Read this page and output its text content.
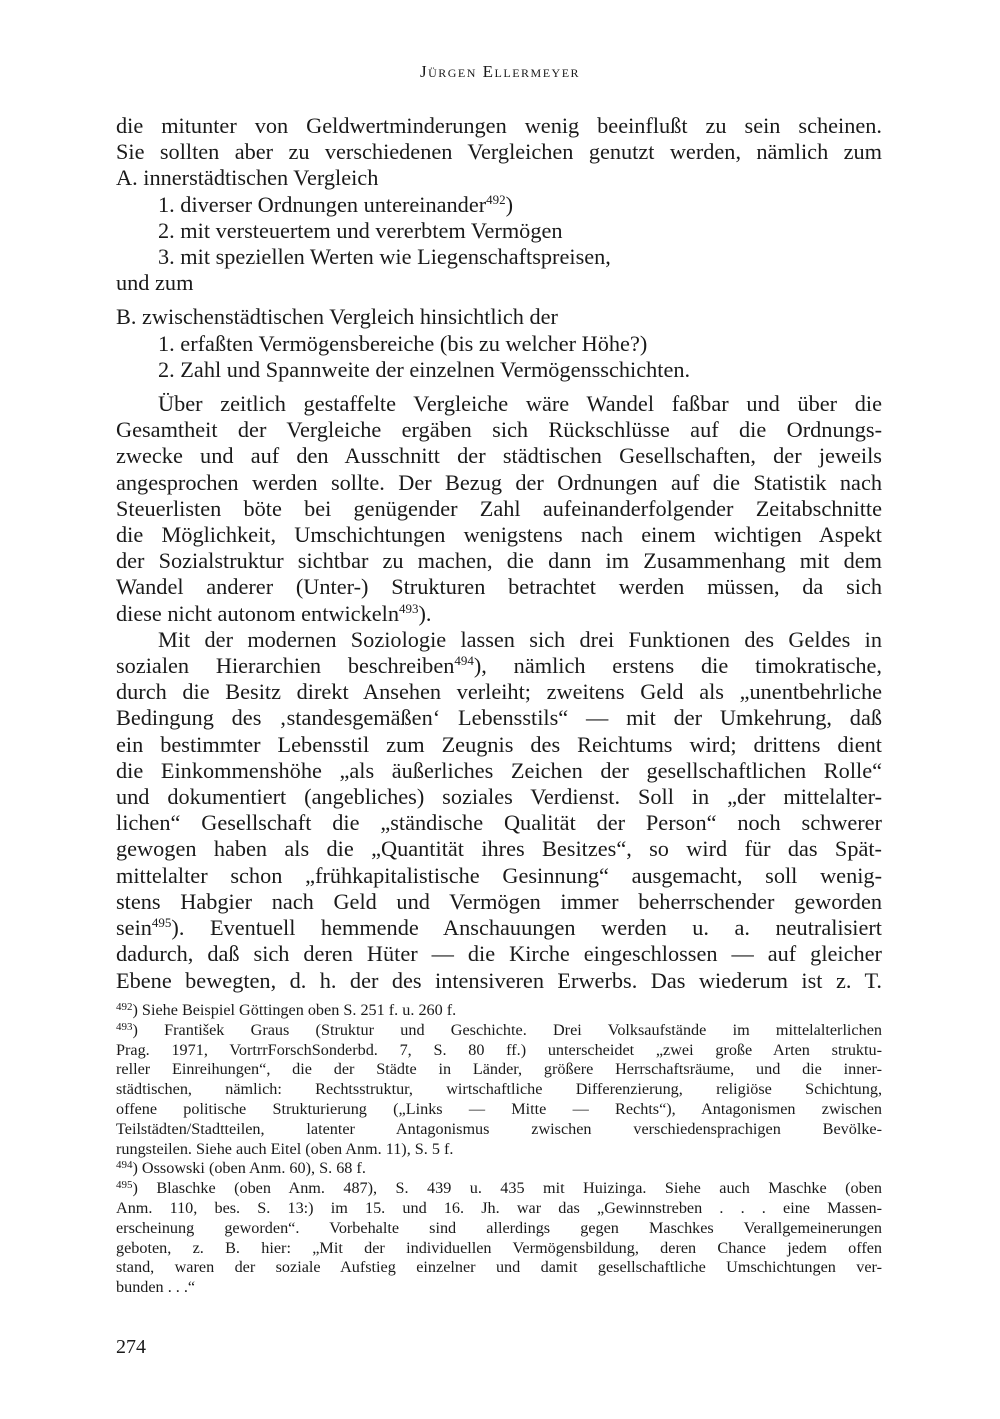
Jürgen Ellermeyer
die mitunter von Geldwertminderungen wenig beeinflußt zu sein scheinen.
Sie sollten aber zu verschiedenen Vergleichen genutzt werden, nämlich zum
A. innerstädtischen Vergleich
1. diverser Ordnungen untereinander$^{492}$)
2. mit versteuertem und vererbtem Vermögen
3. mit speziellen Werten wie Liegenschaftspreisen,
und zum
B. zwischenstädtischen Vergleich hinsichtlich der
1. erfaßten Vermögensbereiche (bis zu welcher Höhe?)
2. Zahl und Spannweite der einzelnen Vermögensschichten.
Über zeitlich gestaffelte Vergleiche wäre Wandel faßbar und über die
Gesamtheit der Vergleiche ergäben sich Rückschlüsse auf die Ordnungs-
zwecke und auf den Ausschnitt der städtischen Gesellschaften, der jeweils
angesprochen werden sollte. Der Bezug der Ordnungen auf die Statistik nach
Steuerlisten böte bei genügender Zahl aufeinanderfolgender Zeitabschnitte
die Möglichkeit, Umschichtungen wenigstens nach einem wichtigen Aspekt
der Sozialstruktur sichtbar zu machen, die dann im Zusammenhang mit dem
Wandel anderer (Unter-) Strukturen betrachtet werden müssen, da sich
diese nicht autonom entwickeln$^{493}$).
Mit der modernen Soziologie lassen sich drei Funktionen des Geldes in
sozialen Hierarchien beschreiben$^{494}$), nämlich erstens die timokratische,
durch die Besitz direkt Ansehen verleiht; zweitens Geld als „unentbehrliche
Bedingung des ‚standesgemäßen‘ Lebensstils“ — mit der Umkehrung, daß
ein bestimmter Lebensstil zum Zeugnis des Reichtums wird; drittens dient
die Einkommenshöhe „als äußerliches Zeichen der gesellschaftlichen Rolle“
und dokumentiert (angebliches) soziales Verdienst. Soll in „der mittelalter-
lichen“ Gesellschaft die „ständische Qualität der Person“ noch schwerer
gewogen haben als die „Quantität ihres Besitzes“, so wird für das Spät-
mittelalter schon „frühkapitalistische Gesinnung“ ausgemacht, soll wenig-
stens Habgier nach Geld und Vermögen immer beherrschender geworden
sein$^{495}$). Eventuell hemmende Anschauungen werden u. a. neutralisiert
dadurch, daß sich deren Hüter — die Kirche eingeschlossen — auf gleicher
Ebene bewegten, d. h. der des intensiveren Erwerbs. Das wiederum ist z. T.
$^{492}$) Siehe Beispiel Göttingen oben S. 251 f. u. 260 f.
$^{493}$) František Graus (Struktur und Geschichte. Drei Volksaufstände im mittelalterlichen
Prag. 1971, VortrrForschSonderbd. 7, S. 80 ff.) unterscheidet „zwei große Arten struktu-
reller Einreihungen“, die der Städte in Länder, größere Herrschaftsräume, und die inner-
städtischen, nämlich: Rechtsstruktur, wirtschaftliche Differenzierung, religiöse Schichtung,
offene politische Strukturierung („Links — Mitte — Rechts“), Antagonismen zwischen
Teilstädten/Stadtteilen, latenter Antagonismus zwischen verschiedensprachigen Bevölke-
rungsteilen. Siehe auch Eitel (oben Anm. 11), S. 5 f.
$^{494}$) Ossowski (oben Anm. 60), S. 68 f.
$^{495}$) Blaschke (oben Anm. 487), S. 439 u. 435 mit Huizinga. Siehe auch Maschke (oben
Anm. 110, bes. S. 13:) im 15. und 16. Jh. war das „Gewinnstreben . . . eine Massen-
erscheinung geworden“. Vorbehalte sind allerdings gegen Maschkes Verallgemeinerungen
geboten, z. B. hier: „Mit der individuellen Vermögensbildung, deren Chance jedem offen
stand, waren der soziale Aufstieg einzelner und damit gesellschaftliche Umschichtungen ver-
bunden . . .“
274
